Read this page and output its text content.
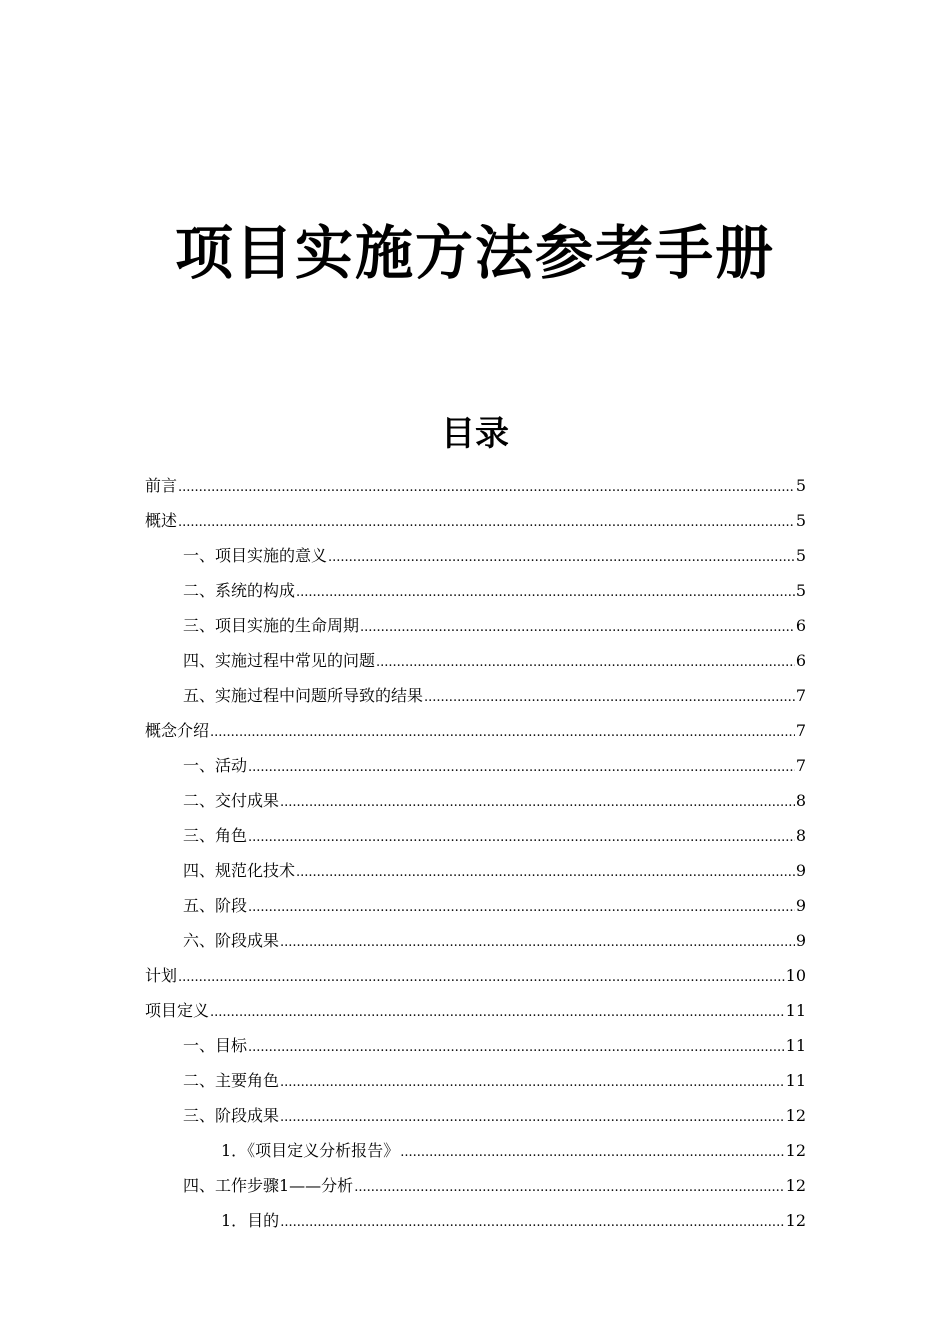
项目实施方法参考手册
目录
前言 .....	5
概述 .....	5
一、项目实施的意义 .....	5
二、系统的构成 .....	5
三、项目实施的生命周期 .....	6
四、实施过程中常见的问题 .....	6
五、实施过程中问题所导致的结果 .....	7
概念介绍 .....	7
一、活动 .....	7
二、交付成果 .....	8
三、角色 .....	8
四、规范化技术 .....	9
五、阶段 .....	9
六、阶段成果 .....	9
计划 .....	10
项目定义 .....	11
一、目标 .....	11
二、主要角色 .....	11
三、阶段成果 .....	12
1．《项目定义分析报告》 .....	12
四、工作步骤1——分析 .....	12
1．目的 .....	12
